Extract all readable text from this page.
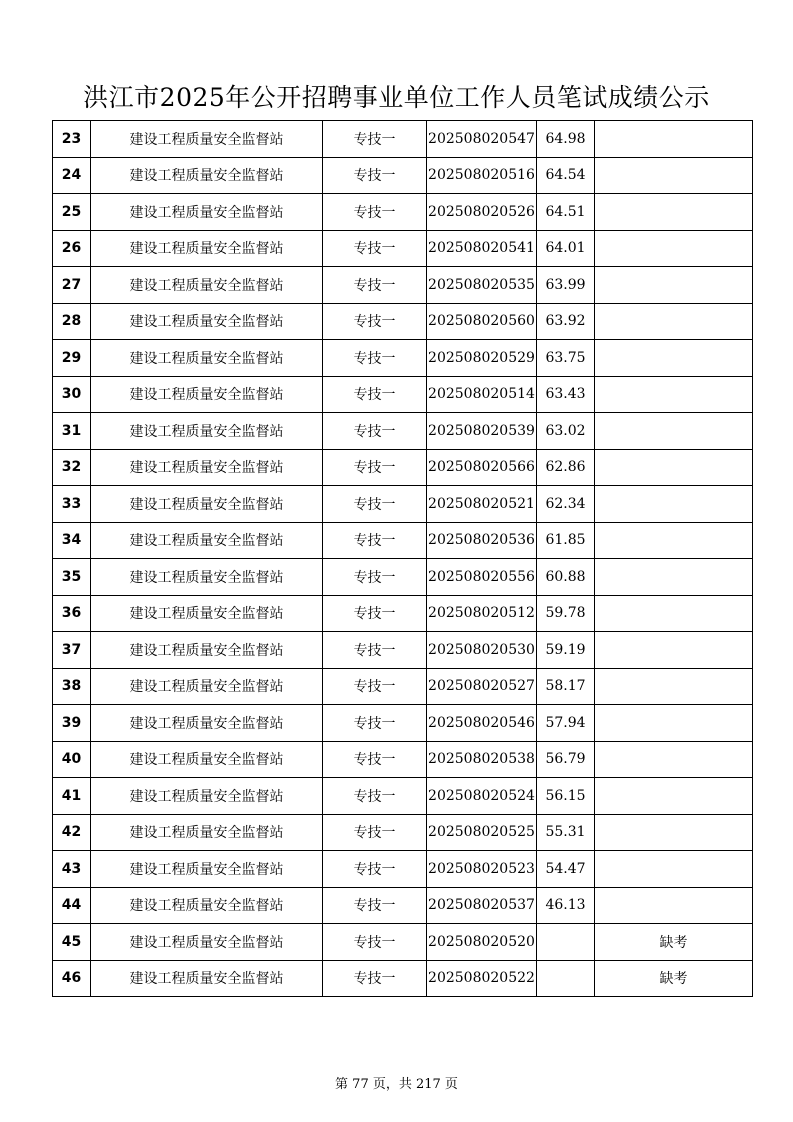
洪江市2025年公开招聘事业单位工作人员笔试成绩公示
23	建设工程质量安全监督站	专技一	202508020547	64.98	
24	建设工程质量安全监督站	专技一	202508020516	64.54	
25	建设工程质量安全监督站	专技一	202508020526	64.51	
26	建设工程质量安全监督站	专技一	202508020541	64.01	
27	建设工程质量安全监督站	专技一	202508020535	63.99	
28	建设工程质量安全监督站	专技一	202508020560	63.92	
29	建设工程质量安全监督站	专技一	202508020529	63.75	
30	建设工程质量安全监督站	专技一	202508020514	63.43	
31	建设工程质量安全监督站	专技一	202508020539	63.02	
32	建设工程质量安全监督站	专技一	202508020566	62.86	
33	建设工程质量安全监督站	专技一	202508020521	62.34	
34	建设工程质量安全监督站	专技一	202508020536	61.85	
35	建设工程质量安全监督站	专技一	202508020556	60.88	
36	建设工程质量安全监督站	专技一	202508020512	59.78	
37	建设工程质量安全监督站	专技一	202508020530	59.19	
38	建设工程质量安全监督站	专技一	202508020527	58.17	
39	建设工程质量安全监督站	专技一	202508020546	57.94	
40	建设工程质量安全监督站	专技一	202508020538	56.79	
41	建设工程质量安全监督站	专技一	202508020524	56.15	
42	建设工程质量安全监督站	专技一	202508020525	55.31	
43	建设工程质量安全监督站	专技一	202508020523	54.47	
44	建设工程质量安全监督站	专技一	202508020537	46.13	
45	建设工程质量安全监督站	专技一	202508020520		缺考
46	建设工程质量安全监督站	专技一	202508020522		缺考
第 77 页，共 217 页
